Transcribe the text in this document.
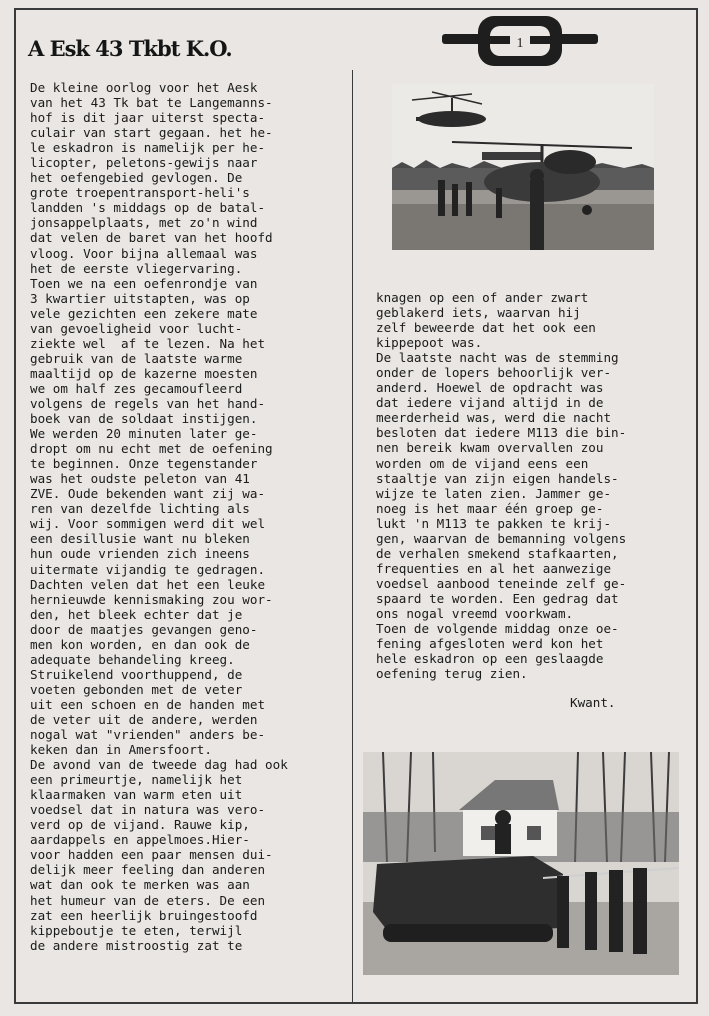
A Esk 43 Tkbt K.O.	1
De kleine oorlog voor het Aesk
van het 43 Tk bat te Langemanns-
hof is dit jaar uiterst specta-
culair van start gegaan. het he-
le eskadron is namelijk per he-
licopter, peletons-gewijs naar
het oefengebied gevlogen. De
grote troepentransport-heli's
landden 's middags op de batal-
jonsappelplaats, met zo'n wind
dat velen de baret van het hoofd
vloog. Voor bijna allemaal was
het de eerste vliegervaring.
Toen we na een oefenrondje van
3 kwartier uitstapten, was op
vele gezichten een zekere mate
van gevoeligheid voor lucht-
ziekte wel  af te lezen. Na het
gebruik van de laatste warme
maaltijd op de kazerne moesten
we om half zes gecamoufleerd
volgens de regels van het hand-
boek van de soldaat instijgen.
We werden 20 minuten later ge-
dropt om nu echt met de oefening
te beginnen. Onze tegenstander
was het oudste peleton van 41
ZVE. Oude bekenden want zij wa-
ren van dezelfde lichting als
wij. Voor sommigen werd dit wel
een desillusie want nu bleken
hun oude vrienden zich ineens
uitermate vijandig te gedragen.
Dachten velen dat het een leuke
hernieuwde kennismaking zou wor-
den, het bleek echter dat je
door de maatjes gevangen geno-
men kon worden, en dan ook de
adequate behandeling kreeg.
Struikelend voorthuppend, de
voeten gebonden met de veter
uit een schoen en de handen met
de veter uit de andere, werden
nogal wat "vrienden" anders be-
keken dan in Amersfoort.
De avond van de tweede dag had ook
een primeurtje, namelijk het
klaarmaken van warm eten uit
voedsel dat in natura was vero-
verd op de vijand. Rauwe kip,
aardappels en appelmoes.Hier-
voor hadden een paar mensen dui-
delijk meer feeling dan anderen
wat dan ook te merken was aan
het humeur van de eters. De een
zat een heerlijk bruingestoofd
kippeboutje te eten, terwijl
de andere mistroostig zat te
knagen op een of ander zwart
geblakerd iets, waarvan hij
zelf beweerde dat het ook een
kippepoot was.
De laatste nacht was de stemming
onder de lopers behoorlijk ver-
anderd. Hoewel de opdracht was
dat iedere vijand altijd in de
meerderheid was, werd die nacht
besloten dat iedere M113 die bin-
nen bereik kwam overvallen zou
worden om de vijand eens een
staaltje van zijn eigen handels-
wijze te laten zien. Jammer ge-
noeg is het maar één groep ge-
lukt 'n M113 te pakken te krij-
gen, waarvan de bemanning volgens
de verhalen smekend stafkaarten,
frequenties en al het aanwezige
voedsel aanbood teneinde zelf ge-
spaard te worden. Een gedrag dat
ons nogal vreemd voorkwam.
Toen de volgende middag onze oe-
fening afgesloten werd kon het
hele eskadron op een geslaagde
oefening terug zien.
Kwant.
